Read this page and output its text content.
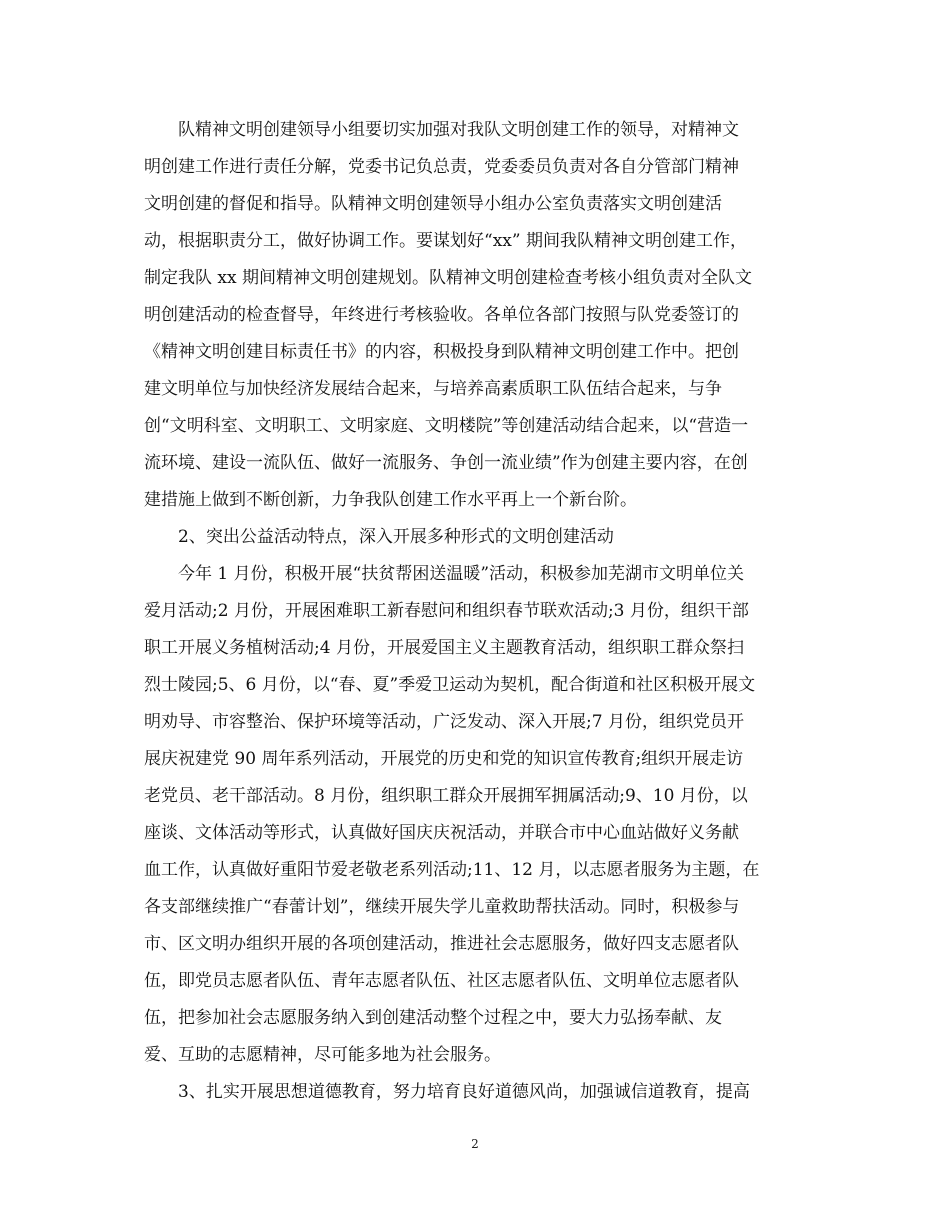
队精神文明创建领导小组要切实加强对我队文明创建工作的领导，对精神文
明创建工作进行责任分解，党委书记负总责，党委委员负责对各自分管部门精神
文明创建的督促和指导。队精神文明创建领导小组办公室负责落实文明创建活
动，根据职责分工，做好协调工作。要谋划好“xx” 期间我队精神文明创建工作，
制定我队 xx 期间精神文明创建规划。队精神文明创建检查考核小组负责对全队文
明创建活动的检查督导，年终进行考核验收。各单位各部门按照与队党委签订的
《精神文明创建目标责任书》的内容，积极投身到队精神文明创建工作中。把创
建文明单位与加快经济发展结合起来，与培养高素质职工队伍结合起来，与争
创“文明科室、文明职工、文明家庭、文明楼院”等创建活动结合起来，以“营造一
流环境、建设一流队伍、做好一流服务、争创一流业绩”作为创建主要内容，在创
建措施上做到不断创新，力争我队创建工作水平再上一个新台阶。
2、突出公益活动特点，深入开展多种形式的文明创建活动
今年 1 月份，积极开展“扶贫帮困送温暖”活动，积极参加芜湖市文明单位关
爱月活动;2 月份，开展困难职工新春慰问和组织春节联欢活动;3 月份，组织干部
职工开展义务植树活动;4 月份，开展爱国主义主题教育活动，组织职工群众祭扫
烈士陵园;5、6 月份，以“春、夏”季爱卫运动为契机，配合街道和社区积极开展文
明劝导、市容整治、保护环境等活动，广泛发动、深入开展;7 月份，组织党员开
展庆祝建党 90 周年系列活动，开展党的历史和党的知识宣传教育;组织开展走访
老党员、老干部活动。8 月份，组织职工群众开展拥军拥属活动;9、10 月份，以
座谈、文体活动等形式，认真做好国庆庆祝活动，并联合市中心血站做好义务献
血工作，认真做好重阳节爱老敬老系列活动;11、12 月，以志愿者服务为主题，在
各支部继续推广“春蕾计划”，继续开展失学儿童救助帮扶活动。同时，积极参与
市、区文明办组织开展的各项创建活动，推进社会志愿服务，做好四支志愿者队
伍，即党员志愿者队伍、青年志愿者队伍、社区志愿者队伍、文明单位志愿者队
伍，把参加社会志愿服务纳入到创建活动整个过程之中，要大力弘扬奉献、友
爱、互助的志愿精神，尽可能多地为社会服务。
3、扎实开展思想道德教育，努力培育良好道德风尚，加强诚信道教育，提高
2
